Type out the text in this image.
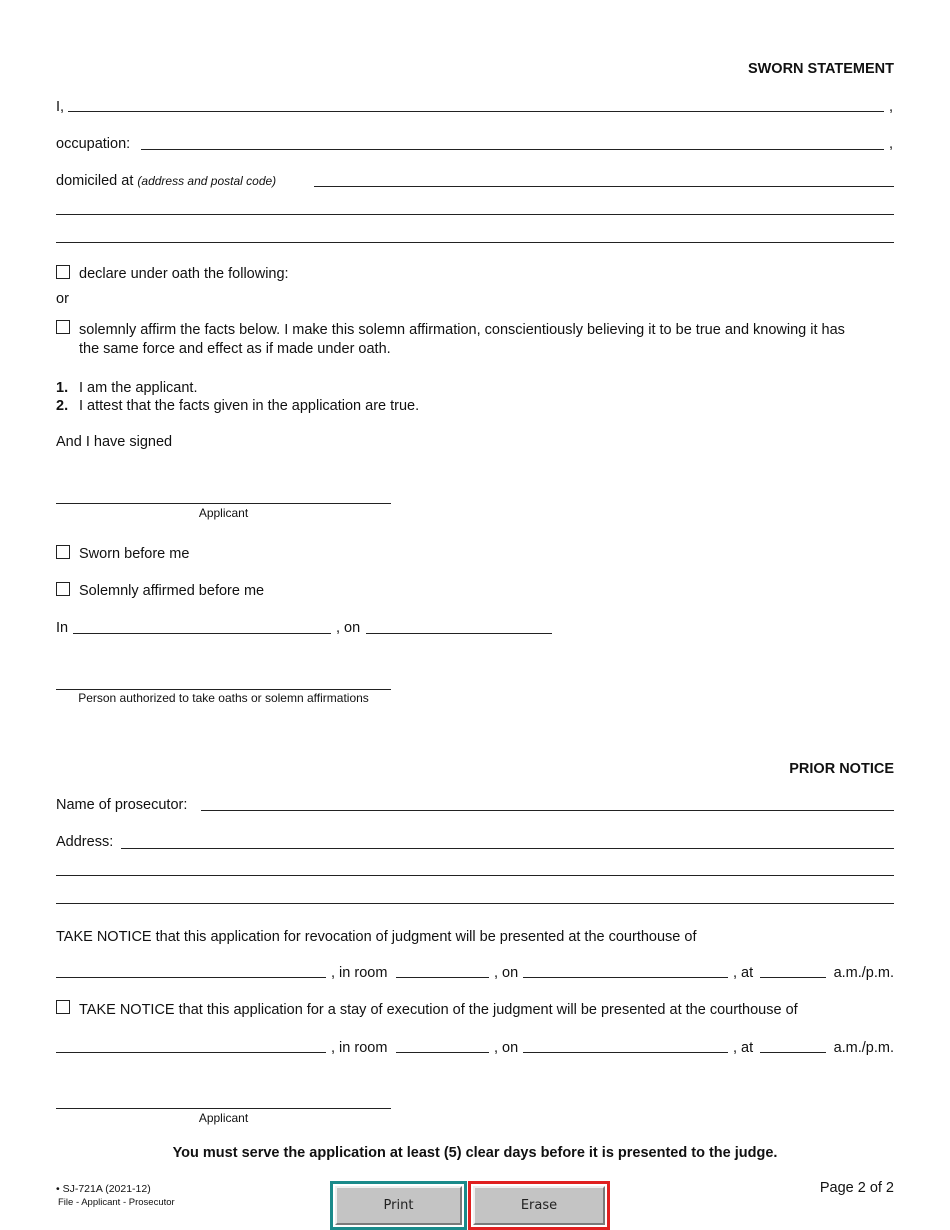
SWORN STATEMENT
I,	,
occupation:	,
domiciled at (address and postal code)
declare under oath the following:
or
solemnly affirm the facts below. I make this solemn affirmation, conscientiously believing it to be true and knowing it has
the same force and effect as if made under oath.
1. I am the applicant.
2. I attest that the facts given in the application are true.
And I have signed
Applicant
Sworn before me
Solemnly affirmed before me
In	, on
Person authorized to take oaths or solemn affirmations
PRIOR NOTICE
Name of prosecutor:
Address:
TAKE NOTICE that this application for revocation of judgment will be presented at the courthouse of
, in room	, on	, at	a.m./p.m.
TAKE NOTICE that this application for a stay of execution of the judgment will be presented at the courthouse of
, in room	, on	, at	a.m./p.m.
Applicant
You must serve the application at least (5) clear days before it is presented to the judge.
• SJ-721A (2021-12)
File - Applicant - Prosecutor
Page 2 of 2
Print	Erase
